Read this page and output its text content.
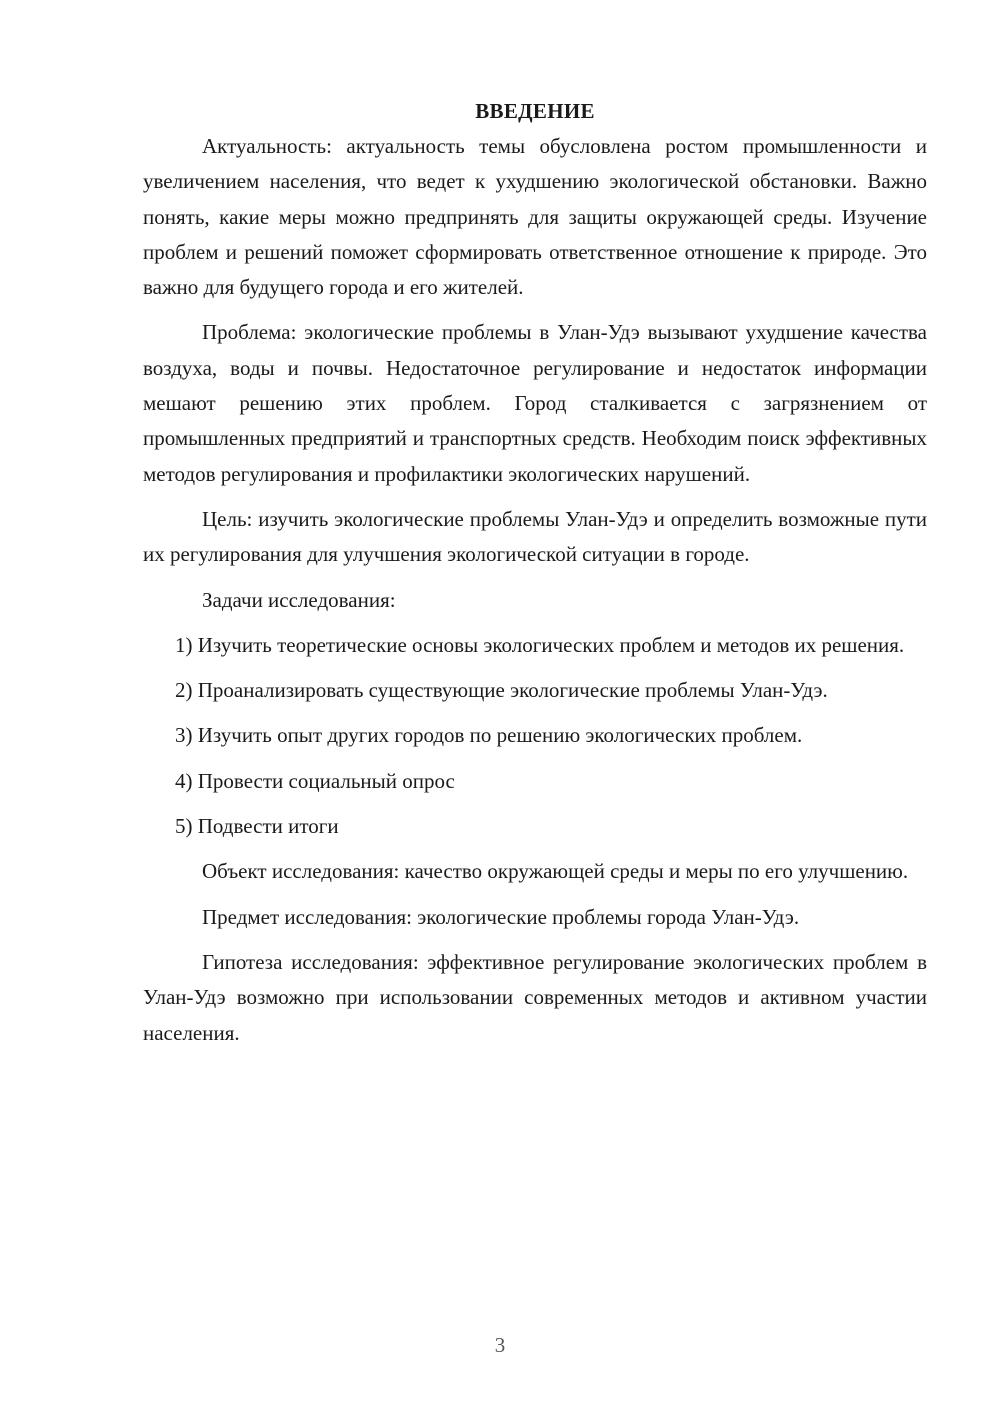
ВВЕДЕНИЕ

Актуальность: актуальность темы обусловлена ростом промышленности и увеличением населения, что ведет к ухудшению экологической обстановки. Важно понять, какие меры можно предпринять для защиты окружающей среды. Изучение проблем и решений поможет сформировать ответственное отношение к природе. Это важно для будущего города и его жителей.

Проблема: экологические проблемы в Улан-Удэ вызывают ухудшение качества воздуха, воды и почвы. Недостаточное регулирование и недостаток информации мешают решению этих проблем. Город сталкивается с загрязнением от промышленных предприятий и транспортных средств. Необходим поиск эффективных методов регулирования и профилактики экологических нарушений.

Цель: изучить экологические проблемы Улан-Удэ и определить возможные пути их регулирования для улучшения экологической ситуации в городе.

Задачи исследования:

1) Изучить теоретические основы экологических проблем и методов их решения.

2) Проанализировать существующие экологические проблемы Улан-Удэ.

3) Изучить опыт других городов по решению экологических проблем.

4) Провести социальный опрос

5) Подвести итоги

Объект исследования: качество окружающей среды и меры по его улучшению.

Предмет исследования: экологические проблемы города Улан-Удэ.

Гипотеза исследования: эффективное регулирование экологических проблем в Улан-Удэ возможно при использовании современных методов и активном участии населения.

3
